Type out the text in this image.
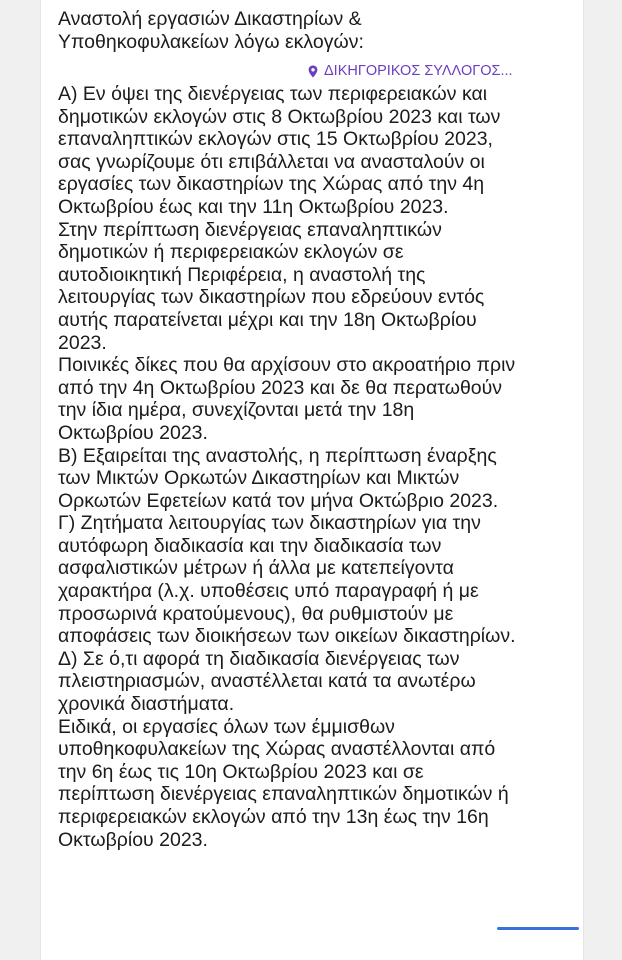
Αναστολή εργασιών Δικαστηρίων &
Υποθηκοφυλακείων λόγω εκλογών:
ΔΙΚΗΓΟΡΙΚΟΣ ΣΥΛΛΟΓΟΣ...
Α) Εν όψει της διενέργειας των περιφερειακών και
δημοτικών εκλογών στις 8 Οκτωβρίου 2023 και των
επαναληπτικών εκλογών στις 15 Οκτωβρίου 2023,
σας γνωρίζουμε ότι επιβάλλεται να ανασταλούν οι
εργασίες των δικαστηρίων της Χώρας από την 4η
Οκτωβρίου έως και την 11η Οκτωβρίου 2023.
Στην περίπτωση διενέργειας επαναληπτικών
δημοτικών ή περιφερειακών εκλογών σε
αυτοδιοικητική Περιφέρεια, η αναστολή της
λειτουργίας των δικαστηρίων που εδρεύουν εντός
αυτής παρατείνεται μέχρι και την 18η Οκτωβρίου
2023.
Ποινικές δίκες που θα αρχίσουν στο ακροατήριο πριν
από την 4η Οκτωβρίου 2023 και δε θα περατωθούν
την ίδια ημέρα, συνεχίζονται μετά την 18η
Οκτωβρίου 2023.
Β) Εξαιρείται της αναστολής, η περίπτωση έναρξης
των Μικτών Ορκωτών Δικαστηρίων και Μικτών
Ορκωτών Εφετείων κατά τον μήνα Οκτώβριο 2023.
Γ) Ζητήματα λειτουργίας των δικαστηρίων για την
αυτόφωρη διαδικασία και την διαδικασία των
ασφαλιστικών μέτρων ή άλλα με κατεπείγοντα
χαρακτήρα (λ.χ. υποθέσεις υπό παραγραφή ή με
προσωρινά κρατούμενους), θα ρυθμιστούν με
αποφάσεις των διοικήσεων των οικείων δικαστηρίων.
Δ) Σε ό,τι αφορά τη διαδικασία διενέργειας των
πλειστηριασμών, αναστέλλεται κατά τα ανωτέρω
χρονικά διαστήματα.
Ειδικά, οι εργασίες όλων των έμμισθων
υποθηκοφυλακείων της Χώρας αναστέλλονται από
την 6η έως τις 10η Οκτωβρίου 2023 και σε
περίπτωση διενέργειας επαναληπτικών δημοτικών ή
περιφερειακών εκλογών από την 13η έως την 16η
Οκτωβρίου 2023.
